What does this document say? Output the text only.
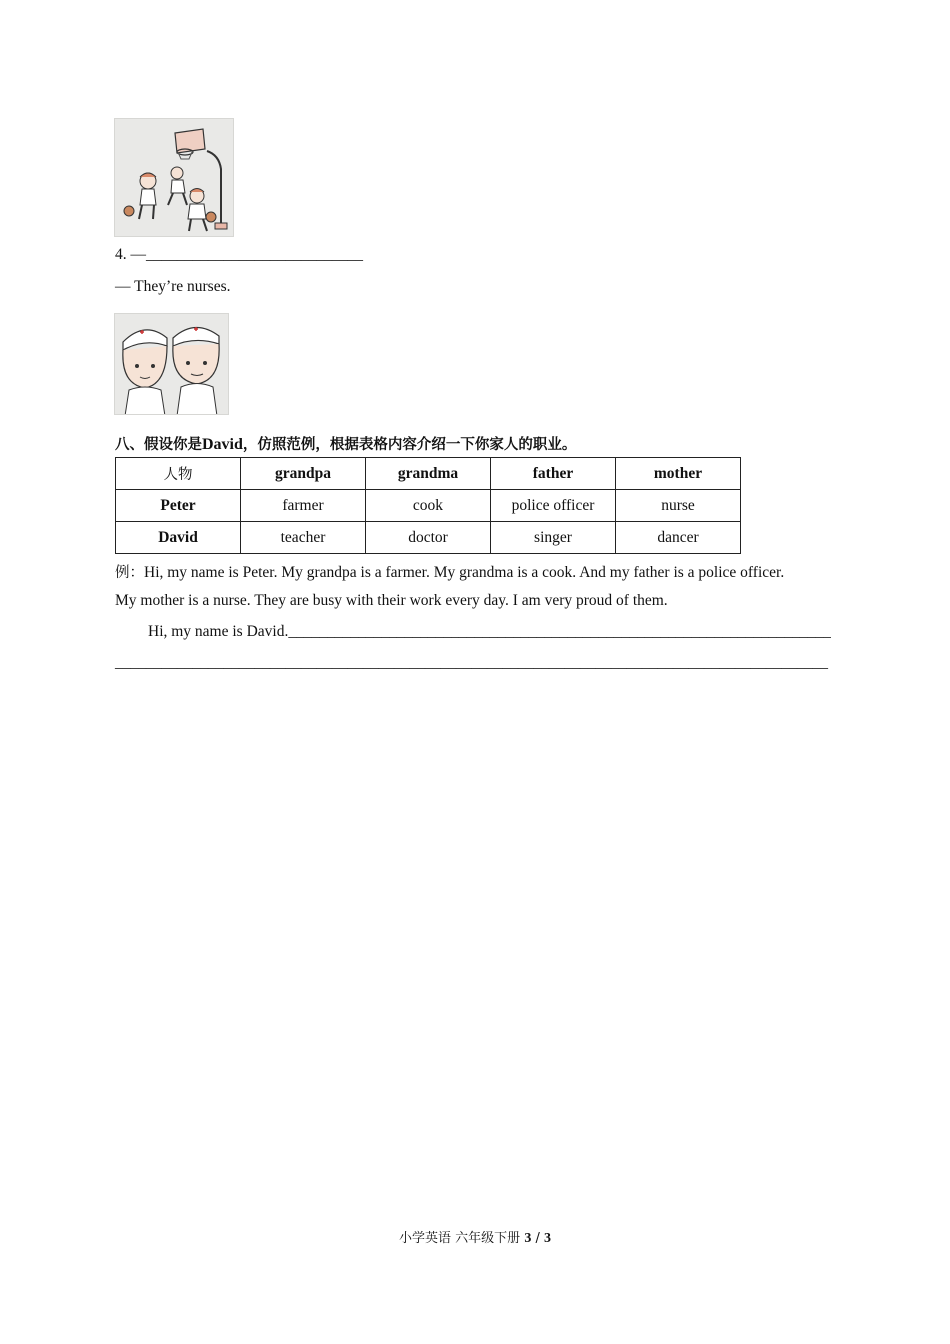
4. —____________________________
— They’re nurses.
八、假设你是David，仿照范例，根据表格内容介绍一下你家人的职业。
人物	grandpa	grandma	father	mother
Peter	farmer	cook	police officer	nurse
David	teacher	doctor	singer	dancer
例：Hi, my name is Peter. My grandpa is a farmer. My grandma is a cook. And my father is a police officer.
My mother is a nurse. They are busy with their work every day. I am very proud of them.
Hi, my name is David.______________________________________________________________________
____________________________________________________________________________________________
小学英语 六年级下册 3 / 3
